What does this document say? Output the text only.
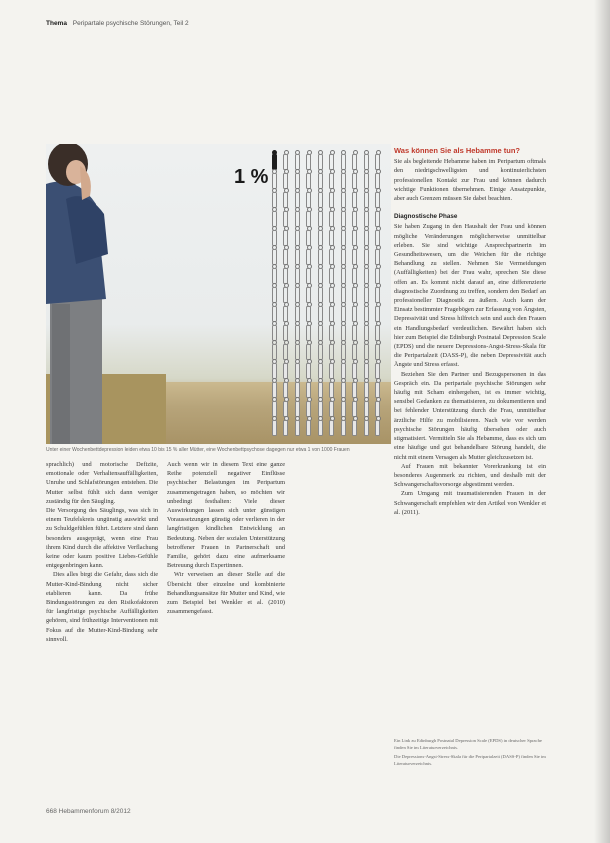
Thema Peripartale psychische Störungen, Teil 2
1 %
Unter einer Wochenbettdepression leiden etwa 10 bis 15 % aller Mütter, eine Wochenbettpsychose dagegen nur etwa 1 von 1000 Frauen

sprachlich) und motorische Defizite, emotionale oder Verhaltensauffälligkeiten, Unruhe und Schlafstörungen entstehen. Die Mutter selbst fühlt sich dann weniger zuständig für den Säugling.

Die Versorgung des Säuglings, was sich in einem Teufelskreis ungünstig auswirkt und zu Schuldgefühlen führt. Letztere sind dann besonders ausgeprägt, wenn eine Frau ihrem Kind durch die affektive Verflachung keine oder kaum positive Liebes-Gefühle entgegenbringen kann.

Dies alles birgt die Gefahr, dass sich die Mutter-Kind-Bindung nicht sicher etablieren kann. Da frühe Bindungsstörungen zu den Risikofaktoren für langfristige psychische Auffälligkeiten gehören, sind frühzeitige Interventionen mit Fokus auf die Mutter-Kind-Bindung sehr sinnvoll.

Auch wenn wir in diesem Text eine ganze Reihe potenziell negativer Einflüsse psychischer Belastungen im Peripartum zusammengetragen haben, so möchten wir unbedingt festhalten: Viele dieser Auswirkungen lassen sich unter günstigen Voraussetzungen günstig oder verlieren in der langfristigen kindlichen Entwicklung an Bedeutung. Neben der sozialen Unterstützung betroffener Frauen in Partnerschaft und Familie, gehört dazu eine aufmerksame Betreuung durch Expertinnen.

Wir verweisen an dieser Stelle auf die Übersicht über einzelne und kombinierte Behandlungsansätze für Mutter und Kind, wie zum Beispiel bei Wenkler et al. (2010) zusammengefasst.

Was können Sie als Hebamme tun?

Sie als begleitende Hebamme haben im Peripartum oftmals den niedrigschwelligsten und kontinuierlichsten professionellen Kontakt zur Frau und können dadurch wichtige Funktionen übernehmen. Einige Ansatzpunkte, aber auch Grenzen müssen Sie dabei beachten.

Diagnostische Phase

Sie haben Zugang in den Haushalt der Frau und können mögliche Veränderungen möglicherweise unmittelbar erleben. Sie sind wichtige Ansprechpartnerin im Gesundheitswesen, um die Weichen für die richtige Behandlung zu stellen. Nehmen Sie Vermeidungen (Auffälligkeiten) bei der Frau wahr, sprechen Sie diese offen an. Es kommt nicht darauf an, eine differenzierte diagnostische Zuordnung zu treffen, sondern den Bedarf an professioneller Diagnostik zu äußern. Auch kann der Einsatz bestimmter Fragebögen zur Erfassung von Ängsten, Depressivität und Stress hilfreich sein und auch den Frauen ein Handlungsbedarf verdeutlichen. Bewährt haben sich hier zum Beispiel die Edinburgh Postnatal Depression Scale (EPDS) und die neuere Depressions-Angst-Stress-Skala für die Peripartalzeit (DASS-P), die neben Depressivität auch Ängste und Stress erfasst.

Beziehen Sie den Partner und Bezugspersonen in das Gespräch ein. Da peripartale psychische Störungen sehr häufig mit Scham einhergehen, ist es immer wichtig, sensibel Gedanken zu thematisieren, zu dokumentieren und bei fehlender Unterstützung durch die Frau, unmittelbar ärztliche Hilfe zu mobilisieren. Nach wie vor werden psychische Störungen häufig übersehen oder auch stigmatisiert. Vermitteln Sie als Hebamme, dass es sich um eine häufige und gut behandelbare Störung handelt, die nicht mit einem Versagen als Mutter gleichzusetzen ist.

Auf Frauen mit bekannter Vorerkrankung ist ein besonderes Augenmerk zu richten, und deshalb mit der Schwangerschaftsvorsorge abgestimmt werden.

Zum Umgang mit traumatisierenden Frauen in der Schwangerschaft empfehlen wir den Artikel von Wenkler et al. (2011).

Ein Link zu Edinburgh Postnatal Depression Scale (EPDS) in deutscher Sprache finden Sie im Literaturverzeichnis.

Die Depressions-Angst-Stress-Skala für die Peripartalzeit (DASS-P) finden Sie im Literaturverzeichnis.

668 Hebammenforum 8/2012
